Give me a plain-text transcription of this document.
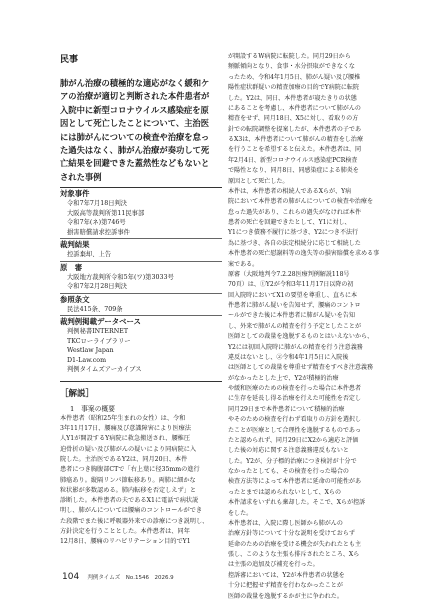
民事
肺がん治療の積極的な適応がなく緩和ケ
アの治療が適切と判断された本件患者が
入院中に新型コロナウイルス感染症を原
因として死亡したことについて、主治医
には肺がんについての検査や治療を怠っ
た過失はなく、肺がん治療が奏功して死
亡結果を回避できた蓋然性などもないと
された事例
対象事件
令和7年7月18日判決
大阪高等裁判所第11民事部
令和7年(ネ)第746号
損害賠償請求控訴事件
裁判結果
控訴棄却、上告
原　審
大阪地方裁判所令和5年(ワ)第3033号
令和7年2月28日判決
参照条文
民法415条、709条
裁判例掲載データベース
判例秘書INTERNET
TKCローライブラリー
Westlaw Japan
D1-Law.com
判例タイムズアーカイブス
［解説］
1　事案の概要
本件患者（昭和25年生まれの女性）は、令和
3年11月17日、腰痛及び意識障害により医療法
人Y1が開設するY病院に救急搬送され、腰椎圧
迫骨折の疑い及び肺がんの疑いにより同病院に入
院した。主治医であるY2は、同月20日、本件
患者につき胸腹部CTで「右上葉に径35mmの進行
肺癌あり。縦隔リンパ節転移あり。両肺に細かな
粒状影が多数認める。肺内転移を否定しえず」と
診断した。本件患者の夫であるX1に電話で病状説
明し、肺がんについては腰痛のコントロールができ
た段階でまた後に呼吸器外来での診療につき説明し、
方針決定を行うこととした。本件患者は、同年
12月8日、腰痛のリハビリテーション目的でY1
が開設するW病院に転院した。同月29日から
頻脈傾向となり、食事・水分摂取ができなくな
ったため、令和4年1月5日、肺がん疑い及び腰椎
陽性症状群疑いの精査加療の目的でY病院に転院
した。Y2は、同日、本件患者が寝たきりの状態
にあることを考慮し、本件患者について肺がんの
精査をせず、同月18日、X5に対し、看取りの方
針での転院調整を提案したが、本件患者の子であ
るX3は、本件患者について肺がんの精査をし治療
を行うことを希望すると伝えた。本件患者は、同
年2月4日、新型コロナウイルス感染症PCR検査
で陽性となり、同月8日、同感染症による肺炎を
原因として死亡した。
本件は、本件患者の相続人であるXらが、Y病
院において本件患者の肺がんについての検査や治療を
怠った過失があり、これらの過失がなければ本件
患者の死亡を回避できたとして、Y1に対し、
Y1につき債務不履行に基づき、Y2につき不法行
為に基づき、各自の法定相続分に応じて相続した
本件患者の死亡慰謝料等の逸失等の損害賠償を求める事
案である。
原審（大阪地判令7.2.28医療判例解説118号
70頁）は、①Y2が令和3年11月17日以降の初
回入院時においてX1の要望を尊重し、直ちに本
件患者に肺がん疑いを告知せず、腰痛のコントロ
ールができた後に本件患者に肺がん疑いを告知
し、外来で肺がんの精査を行う予定としたことが
医師としての裁量を逸脱するものとはいえないから、
Y2には初回入院時に肺がんの精査を行う注意義務
違反はないとし、②令和4年1月5日に入院後
は医師としての裁量を尊重せず精査をすべき注意義務
がなかったとした上で、Y2が積極的治療
や緩和医療のための検査を行った場合に本件患者
に生存を延長し得る治療を行えた可能性を否定し
同月29日まで本件患者について積極的治療
やそのための検査を行わず看取りの方針を選択し
たことが医療として合理性を逸脱するものであっ
たと認められず、同月29日にX2から適応と評価
した後の対応に関する注意義務違反もないと
した。Y2が、分子標的治療につき検討が十分で
なかったとしても、その検査を行った場合の
検査方法等によって本件患者に延命の可能性があ
ったとまでは認められないとして、Xらの
本件請求をいずれも棄却した。そこで、Xらが控訴
をした。
本件患者は、入院に際し医師から肺がんの
治療方針等について十分な説明を受けておらず
延命のための治療を受ける機会が失われたとも主
張し、このような主張も排斥されたところ、Xら
は主張の追加及び補充を行った。
控訴審においては、Y2が本件患者の状態を
十分に把握せず精査を行わなかったことが
医師の裁量を逸脱するかが主に争われた。
104 判例タイムズ　No.1546　2026.9
